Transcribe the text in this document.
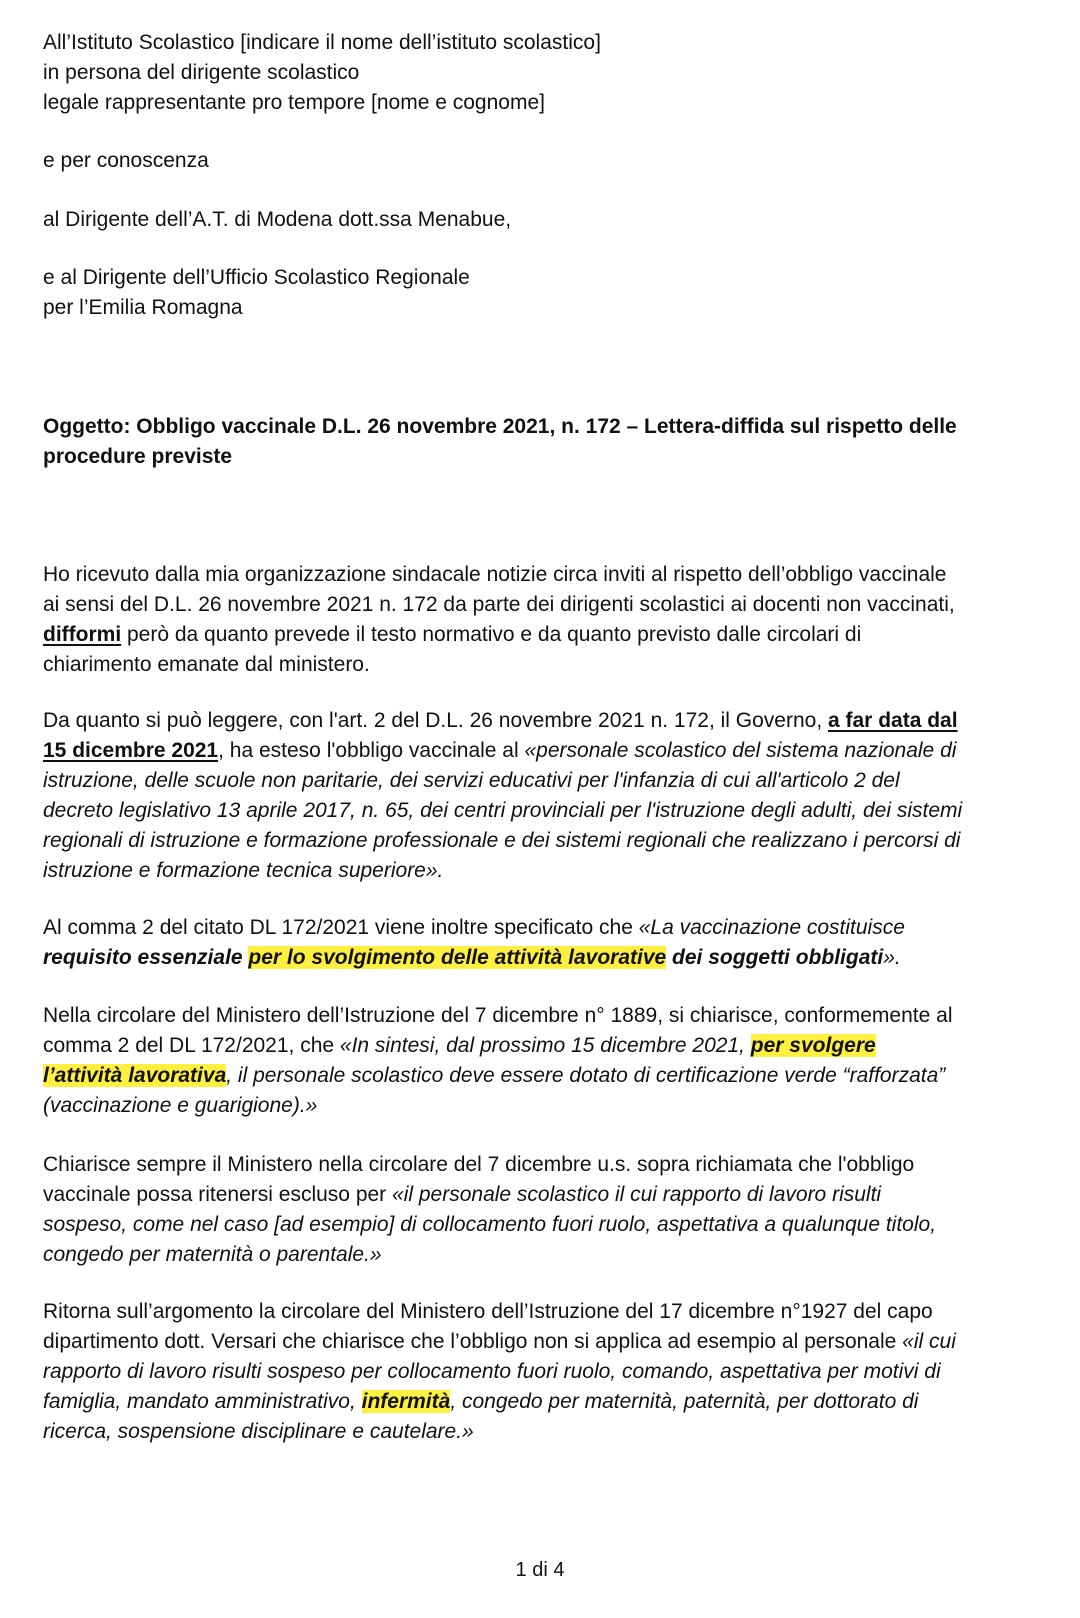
All’Istituto Scolastico [indicare il nome dell’istituto scolastico]
in persona del dirigente scolastico
legale rappresentante pro tempore [nome e cognome]
e per conoscenza
al Dirigente dell’A.T. di Modena dott.ssa Menabue,
e al Dirigente dell’Ufficio Scolastico Regionale
per l’Emilia Romagna
Oggetto: Obbligo vaccinale D.L. 26 novembre 2021, n. 172 – Lettera-diffida sul rispetto delle
procedure previste
Ho ricevuto dalla mia organizzazione sindacale notizie circa inviti al rispetto dell’obbligo vaccinale
ai sensi del D.L. 26 novembre 2021 n. 172 da parte dei dirigenti scolastici ai docenti non vaccinati,
difformi però da quanto prevede il testo normativo e da quanto previsto dalle circolari di
chiarimento emanate dal ministero.
Da quanto si può leggere, con l'art. 2 del D.L. 26 novembre 2021 n. 172, il Governo, a far data dal
15 dicembre 2021, ha esteso l'obbligo vaccinale al «personale scolastico del sistema nazionale di
istruzione, delle scuole non paritarie, dei servizi educativi per l'infanzia di cui all'articolo 2 del
decreto legislativo 13 aprile 2017, n. 65, dei centri provinciali per l'istruzione degli adulti, dei sistemi
regionali di istruzione e formazione professionale e dei sistemi regionali che realizzano i percorsi di
istruzione e formazione tecnica superiore».
Al comma 2 del citato DL 172/2021 viene inoltre specificato che «La vaccinazione costituisce
requisito essenziale per lo svolgimento delle attività lavorative dei soggetti obbligati».
Nella circolare del Ministero dell’Istruzione del 7 dicembre n° 1889, si chiarisce, conformemente al
comma 2 del DL 172/2021, che «In sintesi, dal prossimo 15 dicembre 2021, per svolgere
l’attività lavorativa, il personale scolastico deve essere dotato di certificazione verde “rafforzata”
(vaccinazione e guarigione).»
Chiarisce sempre il Ministero nella circolare del 7 dicembre u.s. sopra richiamata che l'obbligo
vaccinale possa ritenersi escluso per «il personale scolastico il cui rapporto di lavoro risulti
sospeso, come nel caso [ad esempio] di collocamento fuori ruolo, aspettativa a qualunque titolo,
congedo per maternità o parentale.»
Ritorna sull’argomento la circolare del Ministero dell’Istruzione del 17 dicembre n°1927 del capo
dipartimento dott. Versari che chiarisce che l’obbligo non si applica ad esempio al personale «il cui
rapporto di lavoro risulti sospeso per collocamento fuori ruolo, comando, aspettativa per motivi di
famiglia, mandato amministrativo, infermità, congedo per maternità, paternità, per dottorato di
ricerca, sospensione disciplinare e cautelare.»
1 di 4
